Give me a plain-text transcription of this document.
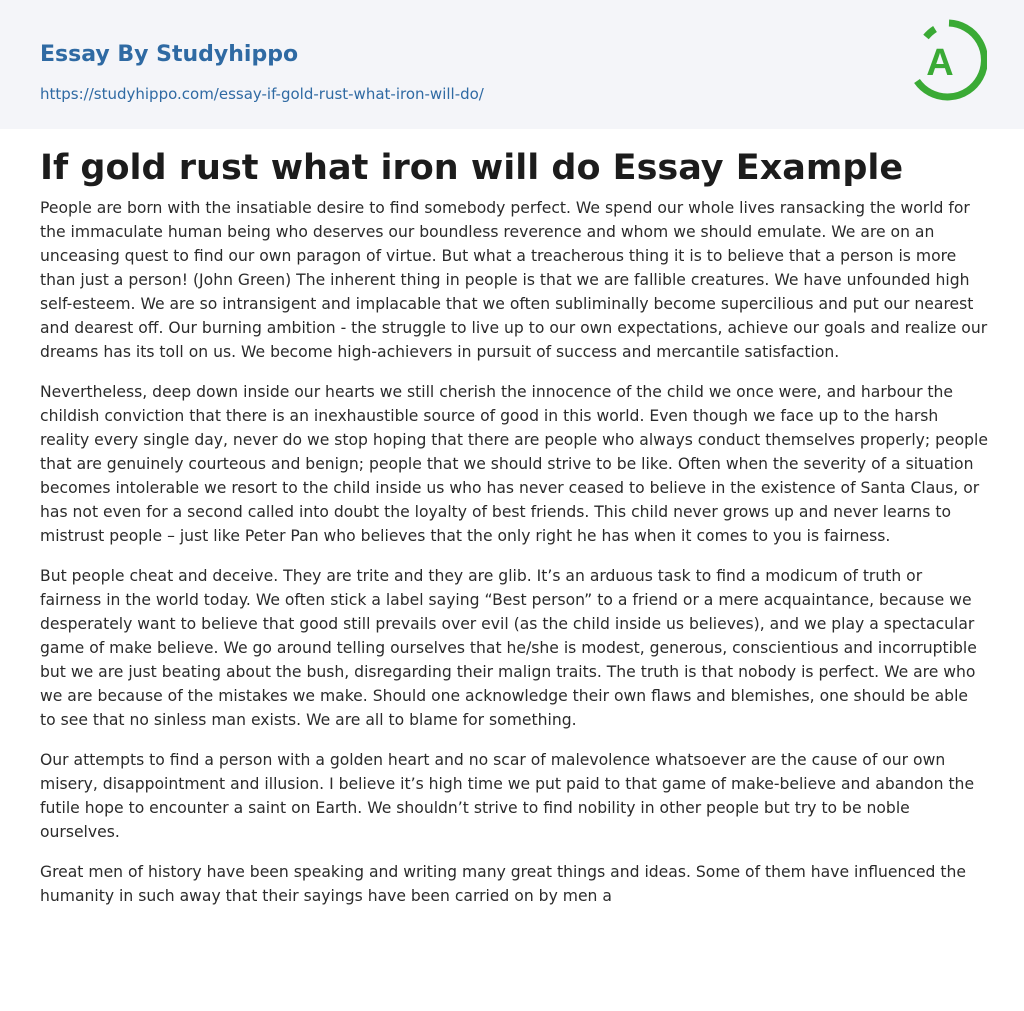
Essay By Studyhippo
https://studyhippo.com/essay-if-gold-rust-what-iron-will-do/
A
If gold rust what iron will do Essay Example

People are born with the insatiable desire to find somebody perfect. We spend our whole lives ransacking the world for the immaculate human being who deserves our boundless reverence and whom we should emulate. We are on an unceasing quest to find our own paragon of virtue. But what a treacherous thing it is to believe that a person is more than just a person! (John Green) The inherent thing in people is that we are fallible creatures. We have unfounded high self-esteem. We are so intransigent and implacable that we often subliminally become supercilious and put our nearest and dearest off. Our burning ambition - the struggle to live up to our own expectations, achieve our goals and realize our dreams has its toll on us. We become high-achievers in pursuit of success and mercantile satisfaction.

Nevertheless, deep down inside our hearts we still cherish the innocence of the child we once were, and harbour the childish conviction that there is an inexhaustible source of good in this world. Even though we face up to the harsh reality every single day, never do we stop hoping that there are people who always conduct themselves properly; people that are genuinely courteous and benign; people that we should strive to be like. Often when the severity of a situation becomes intolerable we resort to the child inside us who has never ceased to believe in the existence of Santa Claus, or has not even for a second called into doubt the loyalty of best friends. This child never grows up and never learns to mistrust people – just like Peter Pan who believes that the only right he has when it comes to you is fairness.

But people cheat and deceive. They are trite and they are glib. It’s an arduous task to find a modicum of truth or fairness in the world today. We often stick a label saying “Best person” to a friend or a mere acquaintance, because we desperately want to believe that good still prevails over evil (as the child inside us believes), and we play a spectacular game of make believe. We go around telling ourselves that he/she is modest, generous, conscientious and incorruptible but we are just beating about the bush, disregarding their malign traits. The truth is that nobody is perfect. We are who we are because of the mistakes we make. Should one acknowledge their own flaws and blemishes, one should be able to see that no sinless man exists. We are all to blame for something.

Our attempts to find a person with a golden heart and no scar of malevolence whatsoever are the cause of our own misery, disappointment and illusion. I believe it’s high time we put paid to that game of make-believe and abandon the futile hope to encounter a saint on Earth. We shouldn’t strive to find nobility in other people but try to be noble ourselves.

Great men of history have been speaking and writing many great things and ideas. Some of them have influenced the humanity in such away that their sayings have been carried on by men a
